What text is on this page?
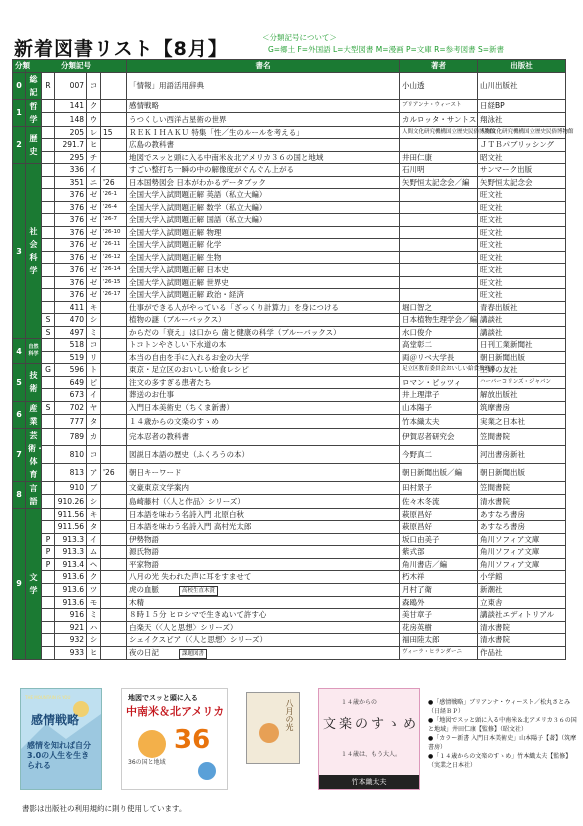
新着図書リスト【8月】
＜分類記号について＞
G=郷土 F=外国語 L=大型図書 M=漫画 P=文庫 R=参考図書 S=新書
分類	分類記号					書名	著者	出版社
0	総記	R	007	コ		「情報」用語活用辞典	小山透	山川出版社
1	哲学		141	ク		感情戦略	ブリアンナ・ウィースト	日経BP
			148	ウ		うつくしい西洋占星術の世界	カルロッタ・サントス	翔泳社
2	歴史		205	レ	15	ＲＥＫＩＨＡＫＵ 特集「性／生のルールを考える」	人間文化研究機構国立歴史民俗博物館	人間文化研究機構国立歴史民俗博物館
			291.7	ヒ		広島の教科書		ＪＴＢパブリッシング
			295	チ		地図でスッと頭に入る中南米＆北アメリカ３６の国と地域	井田仁康	昭文社
3	社会科学		336	イ		すごい整打ち一瞬の中の解像度がぐんぐん上がる	石川明	サンマーク出版
			351	ニ	'26	日本国勢図会 日本がわかるデータブック	矢野恒太記念会／編	矢野恒太記念会
			376	ゼ	'26-1	全国大学入試問題正解 英語（私立大編）		旺文社
			376	ゼ	'26-4	全国大学入試問題正解 数学（私立大編）		旺文社
			376	ゼ	'26-7	全国大学入試問題正解 国語（私立大編）		旺文社
			376	ゼ	'26-10	全国大学入試問題正解 物理		旺文社
			376	ゼ	'26-11	全国大学入試問題正解 化学		旺文社
			376	ゼ	'26-12	全国大学入試問題正解 生物		旺文社
			376	ゼ	'26-14	全国大学入試問題正解 日本史		旺文社
			376	ゼ	'26-15	全国大学入試問題正解 世界史		旺文社
			376	ゼ	'26-17	全国大学入試問題正解 政治・経済		旺文社
			411	キ		仕事ができる人がやっている「ざっくり計算力」を身につける	堀口智之	青春出版社
		S	470	シ		植物の謎（ブルーバックス）	日本植物生理学会／編	講談社
		S	497	ミ		からだの「衰え」は口から 歯と健康の科学（ブルーバックス）	水口俊介	講談社
4	自然科学		518	コ		トコトンやさしい下水道の本	高堂彰二	日刊工業新聞社
			519	リ		本当の自由を手に入れるお金の大学	両＠リベ大学長	朝日新聞出版
5	技術	G	596	ト		東京・足立区のおいしい給食レシピ	足立区教育委員会おいしい給食推進室	主婦の友社
			649	ピ		注文の多すぎる患者たち	ロマン・ピッツィ	ハーパーコリンズ・ジャパン
			673	イ		葬送のお仕事	井上理津子	解放出版社
6	産業	S	702	ヤ		入門日本美術史（ちくま新書）	山本陽子	筑摩書房
			777	タ		１４歳からの文楽のすゝめ	竹本織太夫	実業之日本社
7	芸術・体育		789	カ		完本忍者の教科書	伊賀忍者研究会	笠間書院
			810	コ		図説日本語の歴史（ふくろうの本）	今野真二	河出書房新社
			813	ア	'26	朝日キーワード	朝日新聞出版／編	朝日新聞出版
8	言語		910	ブ		文豪東京文学案内	田村景子	笠間書院
			910.26	シ		島崎藤村（〈人と作品〉シリーズ）	佐々木冬流	清水書院
9	文学		911.56	キ		日本語を味わう名詩入門 北原白秋	萩原昌好	あすなろ書房
			911.56	タ		日本語を味わう名詩入門 高村光太郎	萩原昌好	あすなろ書房
		P	913.3	イ		伊勢物語	坂口由美子	角川ソフィア文庫
		P	913.3	ム		源氏物語	紫式部	角川ソフィア文庫
		P	913.4	ヘ		平家物語	角川書店／編	角川ソフィア文庫
			913.6	ク		八月の光 失われた声に耳をすませて	朽木祥	小学館
			913.6	ツ		虎の血脈 高校生直木賞	月村了衛	新潮社
			913.6	モ		木精	森鴎外	立東舎
			916	ミ		８時１５分 ヒロシマで生きぬいて許す心	美甘章子	講談社エディトリアル
			921	ハ		白楽天（〈人と思想〉シリーズ）	花房英樹	清水書院
			932	シ		シェイクスピア（〈人と思想〉シリーズ）	福田陸太郎	清水書院
			933	ヒ		夜の日記 課題図書	ヴィーラ・ヒランダーニ	作品社
THE MOUNTAIN IS YOU
感情戦略
感情を知れば自分3.0の人生を生きられる
地図でスッと頭に入る
中南米＆北アメリカ
36
36の国と地域
八月の光	１４歳からの
文楽のすゝめ
１４歳は、もう大人。
竹本織太夫
●「感情戦略」ブリアンナ・ウィースト／松丸さとみ（日経ＢＰ）
●「地図でスッと頭に入る中南米＆北アメリカ３６の国と地域」井田仁康【監修】（昭文社）
●「カラー新書 入門日本美術史」山本陽子【著】（筑摩書房）
●「１４歳からの文楽のすゝめ」竹本織太夫【監修】（実業之日本社）
書影は出版社の利用規約に則り使用しています。
